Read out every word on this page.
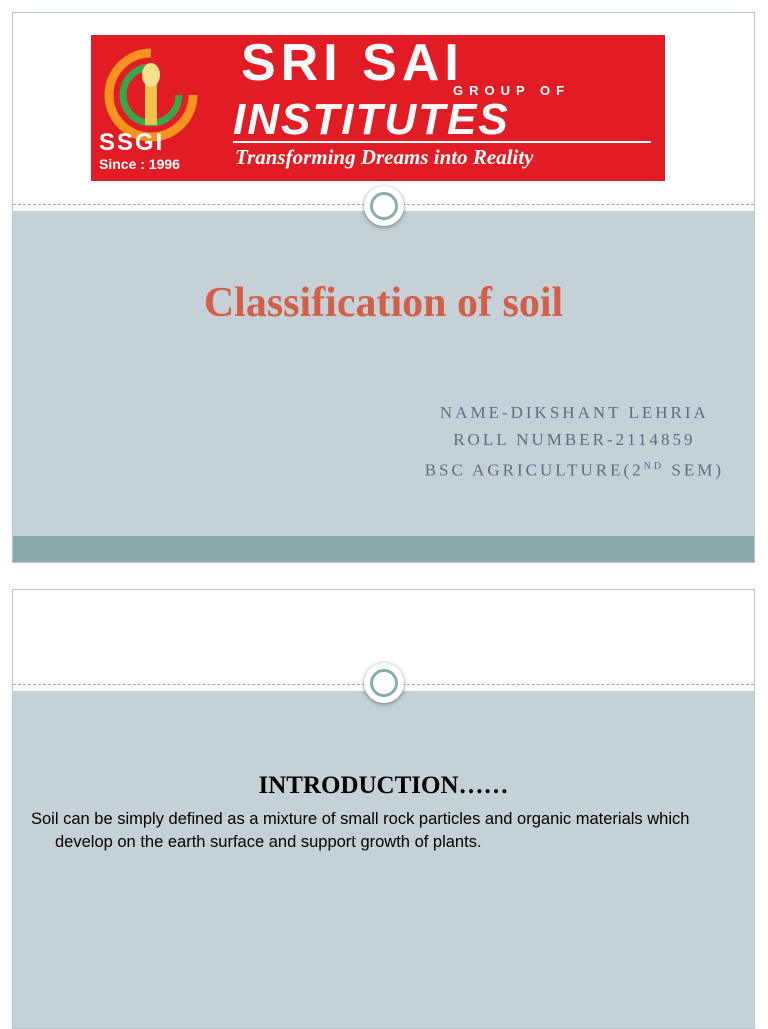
SSGI
Since : 1996
SRI SAI
GROUP OF
INSTITUTES
Transforming Dreams into Reality
Classification of soil
NAME-DIKSHANT LEHRIA
ROLL NUMBER-2114859
BSC AGRICULTURE(2ND SEM)
INTRODUCTION……
Soil can be simply defined as a mixture of small rock particles and organic materials which develop on the earth surface and support growth of plants.
